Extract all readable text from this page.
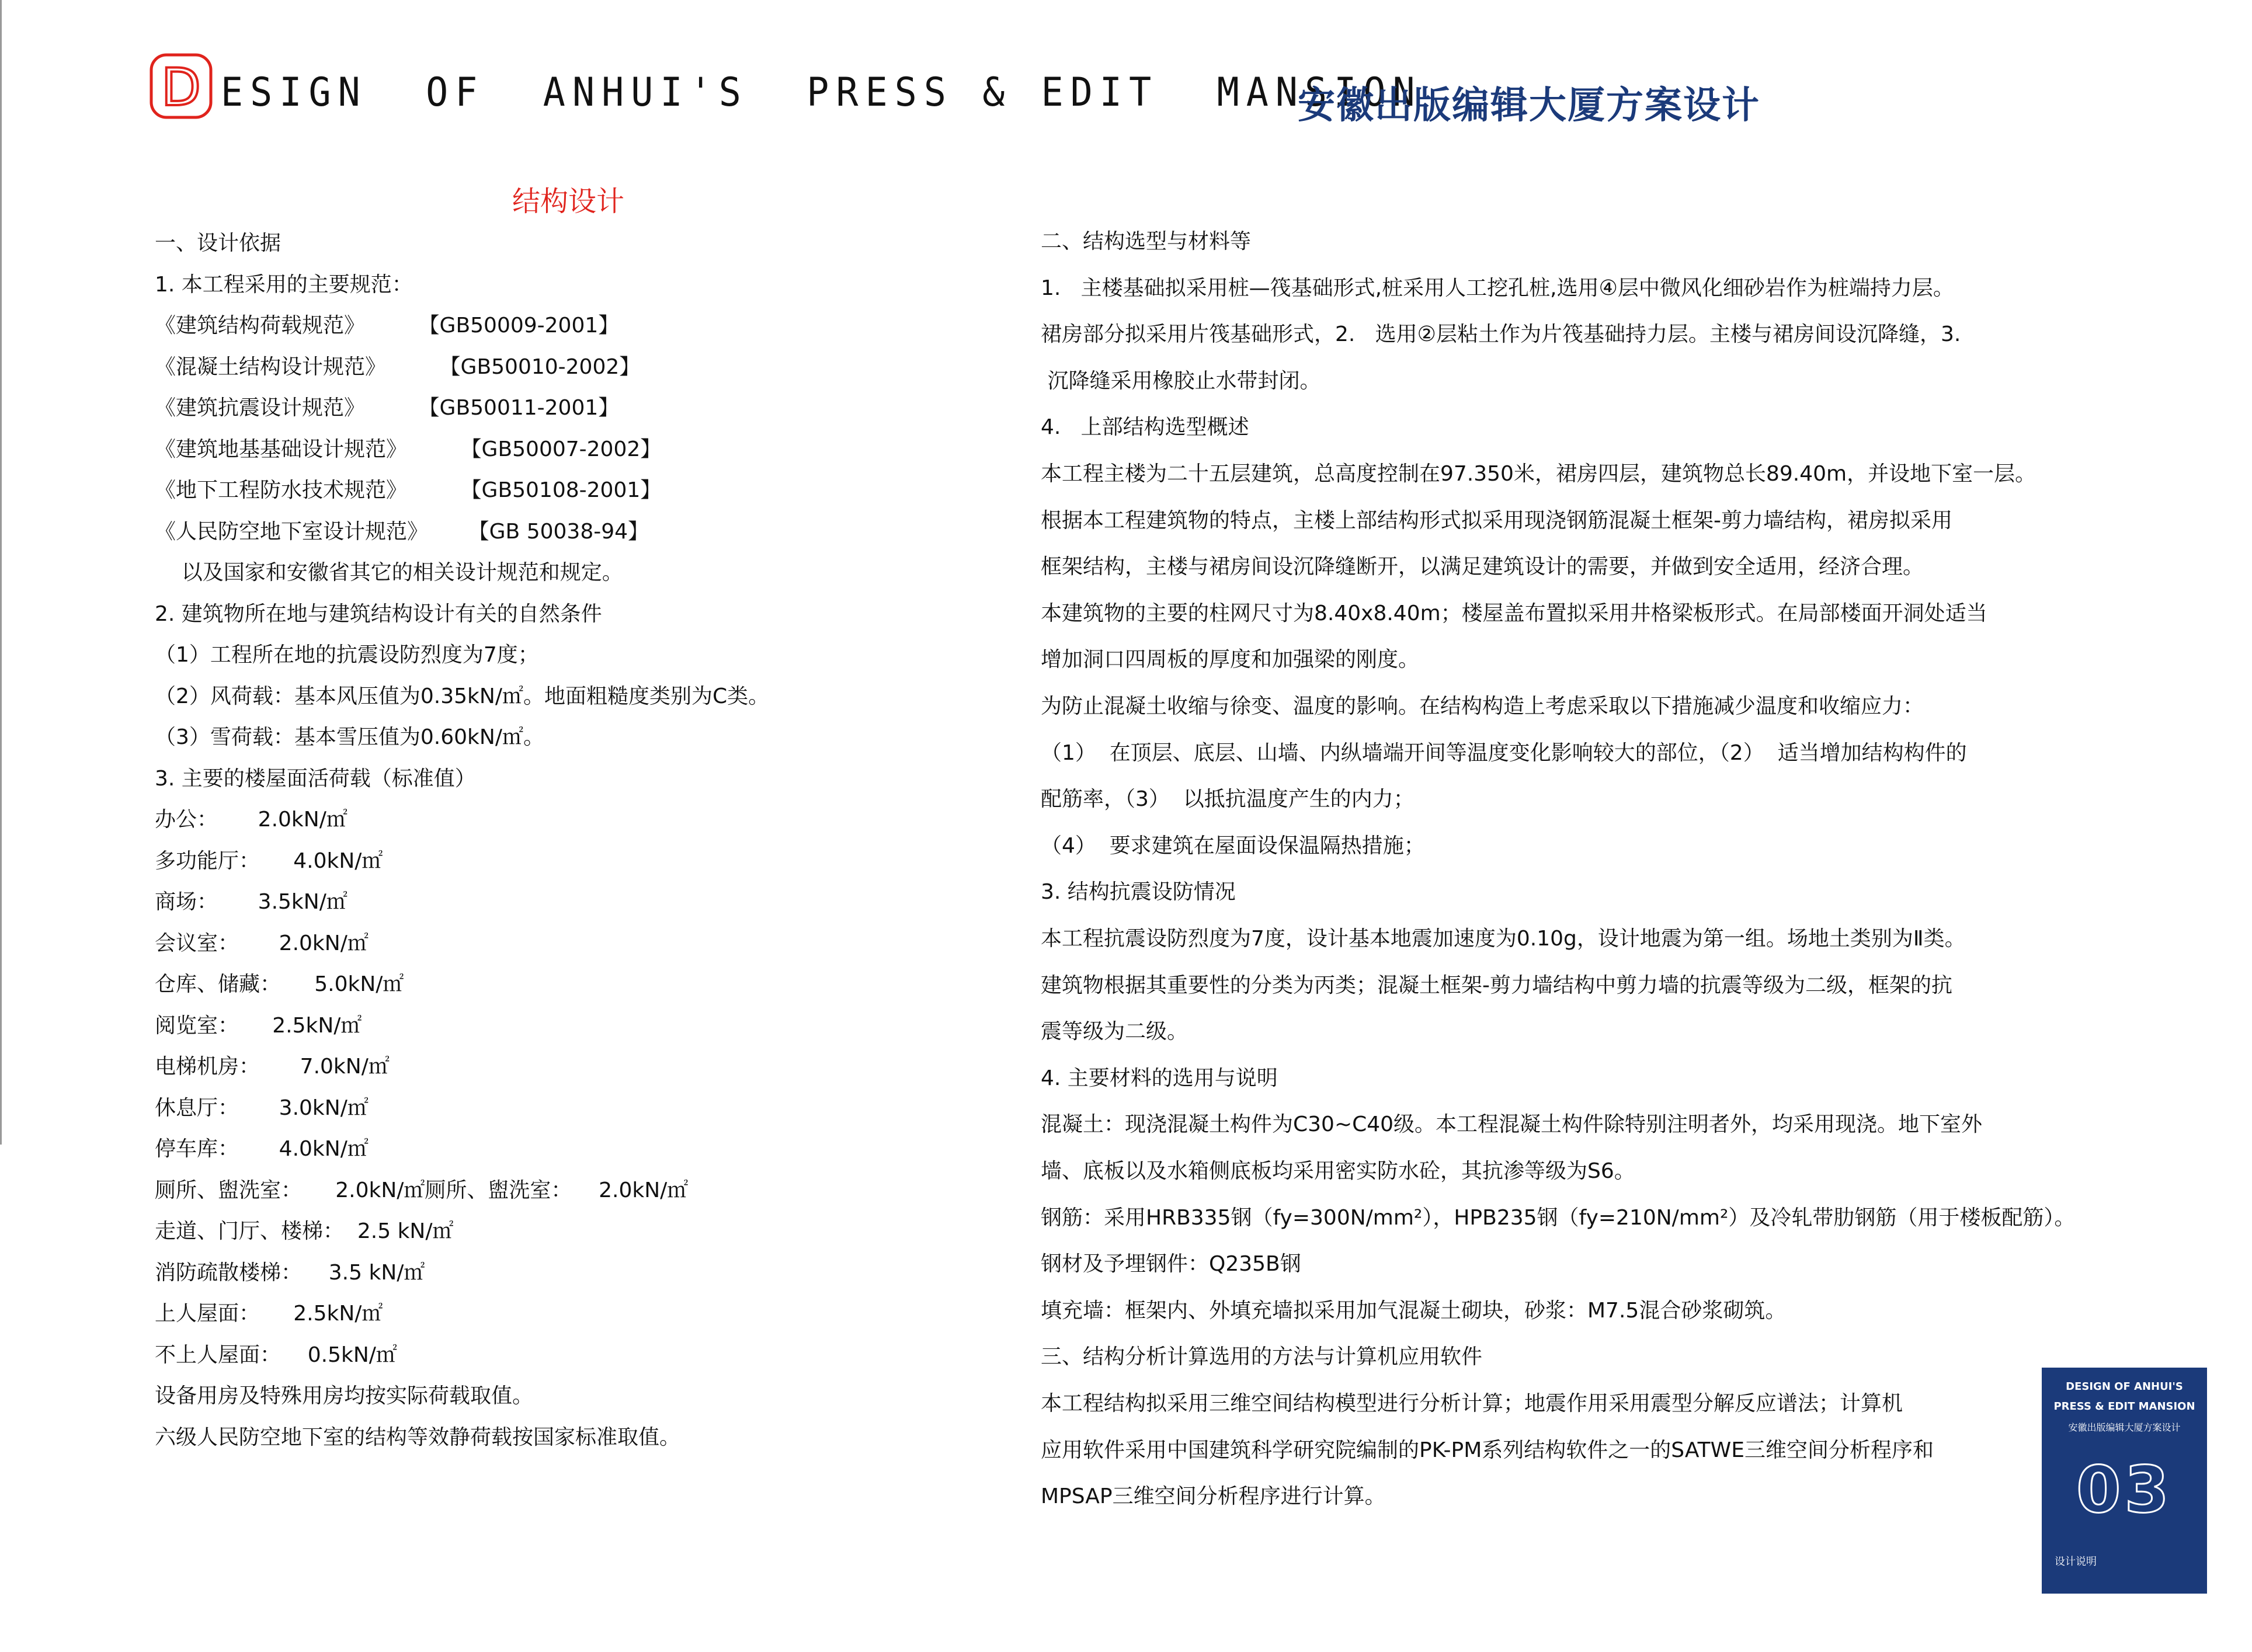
D ESIGN  OF  ANHUI'S  PRESS & EDIT  MANSION
安徽出版编辑大厦方案设计
结构设计
一、设计依据
1. 本工程采用的主要规范：
《建筑结构荷载规范》        【GB50009-2001】
《混凝土结构设计规范》        【GB50010-2002】
《建筑抗震设计规范》        【GB50011-2001】
《建筑地基基础设计规范》        【GB50007-2002】
《地下工程防水技术规范》        【GB50108-2001】
《人民防空地下室设计规范》      【GB 50038-94】
以及国家和安徽省其它的相关设计规范和规定。
2. 建筑物所在地与建筑结构设计有关的自然条件
（1）工程所在地的抗震设防烈度为7度；
（2）风荷载：基本风压值为0.35kN/㎡。地面粗糙度类别为C类。
（3）雪荷载：基本雪压值为0.60kN/㎡。
3. 主要的楼屋面活荷载（标准值）
办公：      2.0kN/㎡
多功能厅：     4.0kN/㎡
商场：      3.5kN/㎡
会议室：      2.0kN/㎡
仓库、储藏：     5.0kN/㎡
阅览室：     2.5kN/㎡
电梯机房：      7.0kN/㎡
休息厅：      3.0kN/㎡
停车库：      4.0kN/㎡
厕所、盥洗室：     2.0kN/㎡厕所、盥洗室：    2.0kN/㎡
走道、门厅、楼梯：  2.5 kN/㎡
消防疏散楼梯：    3.5 kN/㎡
上人屋面：     2.5kN/㎡
不上人屋面：    0.5kN/㎡
设备用房及特殊用房均按实际荷载取值。
六级人民防空地下室的结构等效静荷载按国家标准取值。
二、结构选型与材料等
1.   主楼基础拟采用桩—筏基础形式,桩采用人工挖孔桩,选用④层中微风化细砂岩作为桩端持力层。
裙房部分拟采用片筏基础形式，2.   选用②层粘土作为片筏基础持力层。主楼与裙房间设沉降缝，3.
沉降缝采用橡胶止水带封闭。
4.   上部结构选型概述
本工程主楼为二十五层建筑，总高度控制在97.350米，裙房四层，建筑物总长89.40m，并设地下室一层。
根据本工程建筑物的特点，主楼上部结构形式拟采用现浇钢筋混凝土框架-剪力墙结构，裙房拟采用
框架结构，主楼与裙房间设沉降缝断开，以满足建筑设计的需要，并做到安全适用，经济合理。
本建筑物的主要的柱网尺寸为8.40x8.40m；楼屋盖布置拟采用井格梁板形式。在局部楼面开洞处适当
增加洞口四周板的厚度和加强梁的刚度。
为防止混凝土收缩与徐变、温度的影响。在结构构造上考虑采取以下措施减少温度和收缩应力：
（1）  在顶层、底层、山墙、内纵墙端开间等温度变化影响较大的部位，（2）  适当增加结构构件的
配筋率，（3）  以抵抗温度产生的内力；
（4）  要求建筑在屋面设保温隔热措施；
3. 结构抗震设防情况
本工程抗震设防烈度为7度，设计基本地震加速度为0.10g，设计地震为第一组。场地土类别为Ⅱ类。
建筑物根据其重要性的分类为丙类；混凝土框架-剪力墙结构中剪力墙的抗震等级为二级，框架的抗
震等级为二级。
4. 主要材料的选用与说明
混凝土：现浇混凝土构件为C30~C40级。本工程混凝土构件除特别注明者外，均采用现浇。地下室外
墙、底板以及水箱侧底板均采用密实防水砼，其抗渗等级为S6。
钢筋：采用HRB335钢（fy=300N/mm²），HPB235钢（fy=210N/mm²）及冷轧带肋钢筋（用于楼板配筋）。
钢材及予埋钢件：Q235B钢
填充墙：框架内、外填充墙拟采用加气混凝土砌块，砂浆：M7.5混合砂浆砌筑。
三、结构分析计算选用的方法与计算机应用软件
本工程结构拟采用三维空间结构模型进行分析计算；地震作用采用震型分解反应谱法；计算机
应用软件采用中国建筑科学研究院编制的PK-PM系列结构软件之一的SATWE三维空间分析程序和
MPSAP三维空间分析程序进行计算。
DESIGN OF ANHUI'S
PRESS & EDIT MANSION
安徽出版编辑大厦方案设计
03
设计说明
